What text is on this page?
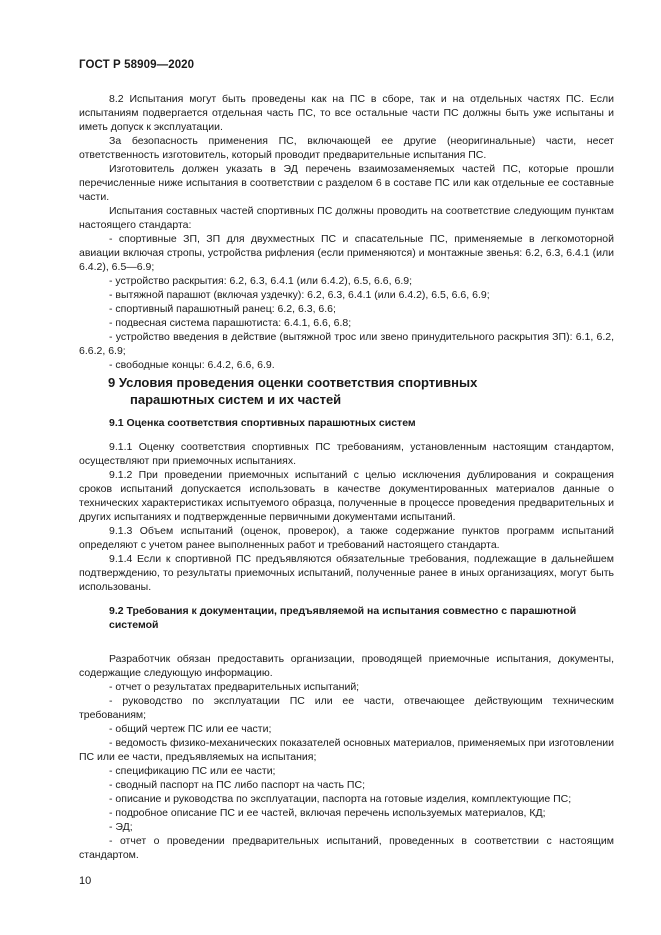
ГОСТ Р 58909—2020

8.2 Испытания могут быть проведены как на ПС в сборе, так и на отдельных частях ПС. Если испытаниям подвергается отдельная часть ПС, то все остальные части ПС должны быть уже испытаны и иметь допуск к эксплуатации.

За безопасность применения ПС, включающей ее другие (неоригинальные) части, несет ответственность изготовитель, который проводит предварительные испытания ПС.

Изготовитель должен указать в ЭД перечень взаимозаменяемых частей ПС, которые прошли перечисленные ниже испытания в соответствии с разделом 6 в составе ПС или как отдельные ее составные части.

Испытания составных частей спортивных ПС должны проводить на соответствие следующим пунктам настоящего стандарта:

- спортивные ЗП, ЗП для двухместных ПС и спасательные ПС, применяемые в легкомоторной авиации включая стропы, устройства рифления (если применяются) и монтажные звенья: 6.2, 6.3, 6.4.1 (или 6.4.2), 6.5—6.9;

- устройство раскрытия: 6.2, 6.3, 6.4.1 (или 6.4.2), 6.5, 6.6, 6.9;

- вытяжной парашют (включая уздечку): 6.2, 6.3, 6.4.1 (или 6.4.2), 6.5, 6.6, 6.9;

- спортивный парашютный ранец: 6.2, 6.3, 6.6;

- подвесная система парашютиста: 6.4.1, 6.6, 6.8;

- устройство введения в действие (вытяжной трос или звено принудительного раскрытия ЗП): 6.1, 6.2, 6.6.2, 6.9;

- свободные концы: 6.4.2, 6.6, 6.9.

9 Условия проведения оценки соответствия спортивных
парашютных систем и их частей

9.1 Оценка соответствия спортивных парашютных систем

9.1.1 Оценку соответствия спортивных ПС требованиям, установленным настоящим стандартом, осуществляют при приемочных испытаниях.

9.1.2 При проведении приемочных испытаний с целью исключения дублирования и сокращения сроков испытаний допускается использовать в качестве документированных материалов данные о технических характеристиках испытуемого образца, полученные в процессе проведения предварительных и других испытаниях и подтвержденные первичными документами испытаний.

9.1.3 Объем испытаний (оценок, проверок), а также содержание пунктов программ испытаний определяют с учетом ранее выполненных работ и требований настоящего стандарта.

9.1.4 Если к спортивной ПС предъявляются обязательные требования, подлежащие в дальнейшем подтверждению, то результаты приемочных испытаний, полученные ранее в иных организациях, могут быть использованы.

9.2 Требования к документации, предъявляемой на испытания совместно с парашютной

системой

Разработчик обязан предоставить организации, проводящей приемочные испытания, документы, содержащие следующую информацию.

- отчет о результатах предварительных испытаний;

- руководство по эксплуатации ПС или ее части, отвечающее действующим техническим требованиям;

- общий чертеж ПС или ее части;

- ведомость физико-механических показателей основных материалов, применяемых при изготовлении ПС или ее части, предъявляемых на испытания;

- спецификацию ПС или ее части;

- сводный паспорт на ПС либо паспорт на часть ПС;

- описание и руководства по эксплуатации, паспорта на готовые изделия, комплектующие ПС;

- подробное описание ПС и ее частей, включая перечень используемых материалов, КД;

- ЭД;

- отчет о проведении предварительных испытаний, проведенных в соответствии с настоящим стандартом.

10
